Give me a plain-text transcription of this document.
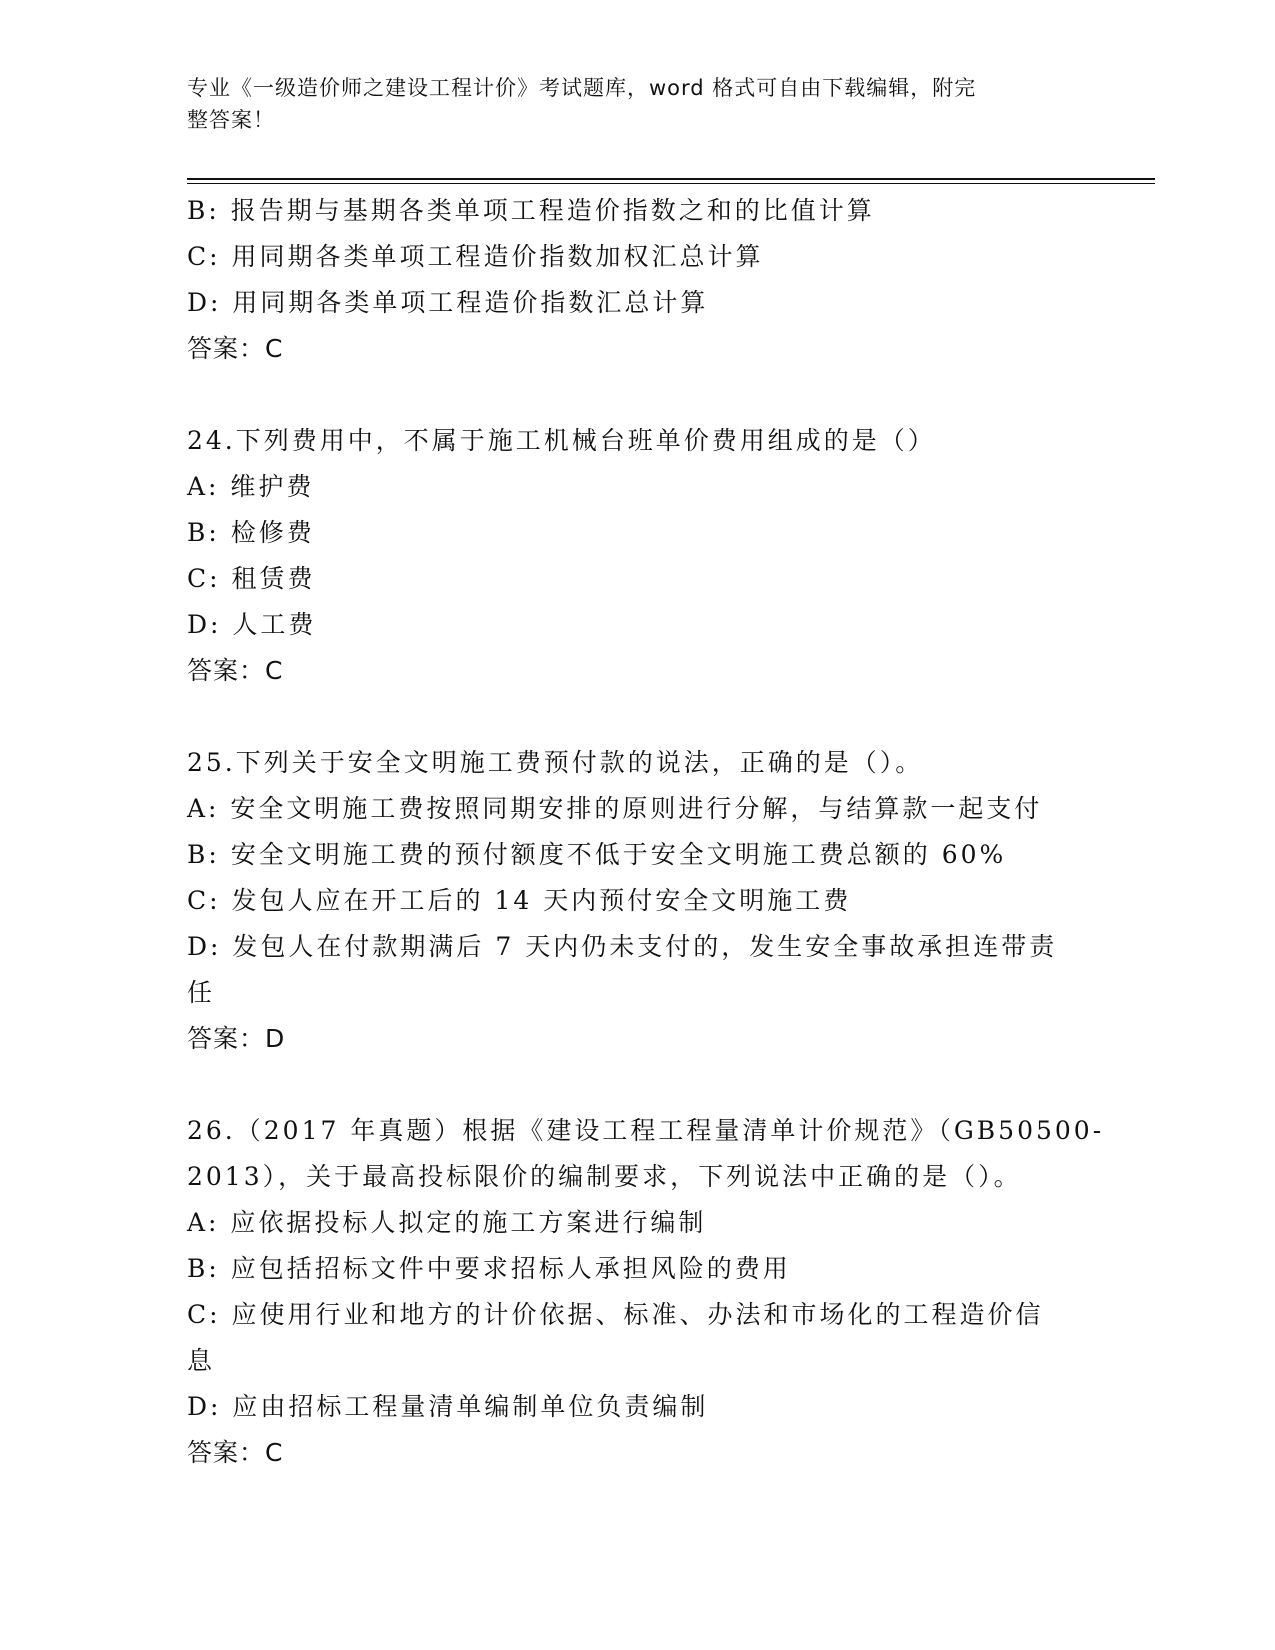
专业《一级造价师之建设工程计价》考试题库，word 格式可自由下载编辑，附完
整答案！
B: 报告期与基期各类单项工程造价指数之和的比值计算
C: 用同期各类单项工程造价指数加权汇总计算
D: 用同期各类单项工程造价指数汇总计算
答案：C
24.下列费用中，不属于施工机械台班单价费用组成的是（）
A: 维护费
B: 检修费
C: 租赁费
D: 人工费
答案：C
25.下列关于安全文明施工费预付款的说法，正确的是（）。
A: 安全文明施工费按照同期安排的原则进行分解，与结算款一起支付
B: 安全文明施工费的预付额度不低于安全文明施工费总额的 60%
C: 发包人应在开工后的 14 天内预付安全文明施工费
D: 发包人在付款期满后 7 天内仍未支付的，发生安全事故承担连带责
任
答案：D
26.（2017 年真题）根据《建设工程工程量清单计价规范》（GB50500-
2013），关于最高投标限价的编制要求，下列说法中正确的是（）。
A: 应依据投标人拟定的施工方案进行编制
B: 应包括招标文件中要求招标人承担风险的费用
C: 应使用行业和地方的计价依据、标准、办法和市场化的工程造价信
息
D: 应由招标工程量清单编制单位负责编制
答案：C
